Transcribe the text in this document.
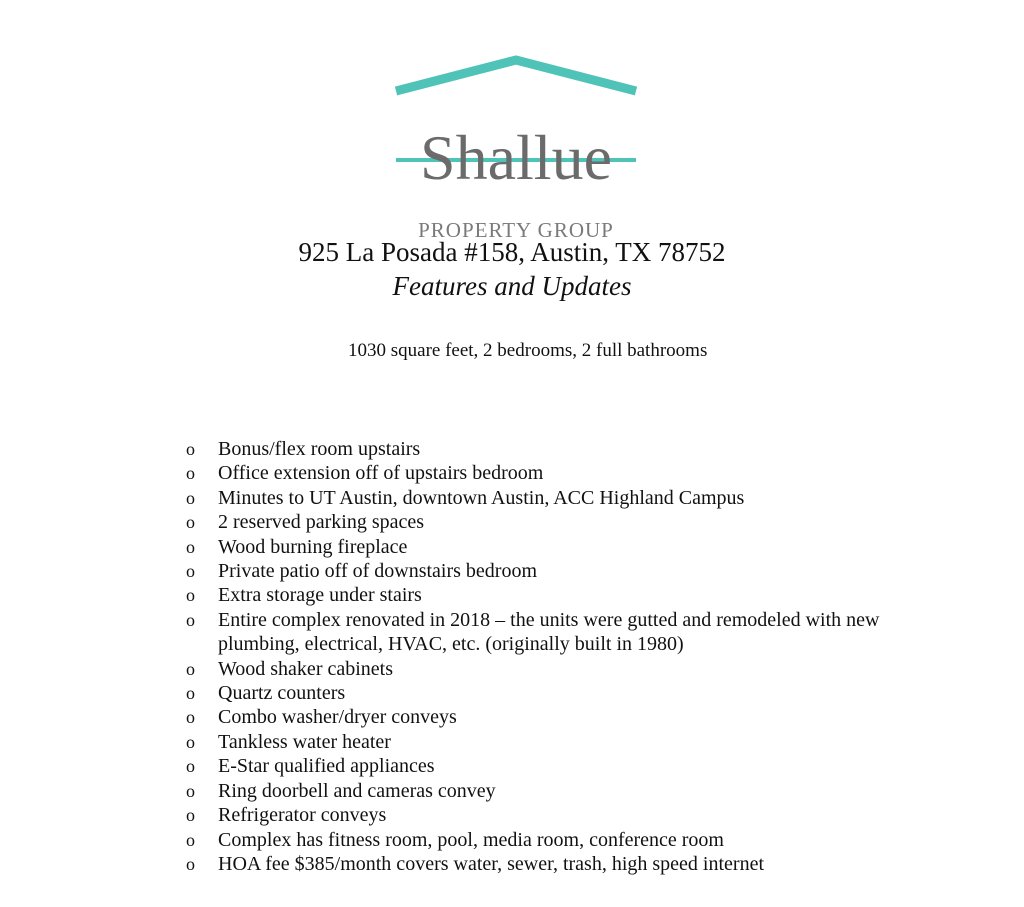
Shallue
PROPERTY GROUP
925 La Posada #158, Austin, TX 78752
Features and Updates
1030 square feet, 2 bedrooms, 2 full bathrooms
o Bonus/flex room upstairs
o Office extension off of upstairs bedroom
o Minutes to UT Austin, downtown Austin, ACC Highland Campus
o 2 reserved parking spaces
o Wood burning fireplace
o Private patio off of downstairs bedroom
o Extra storage under stairs
o Entire complex renovated in 2018 – the units were gutted and remodeled with new plumbing, electrical, HVAC, etc. (originally built in 1980)
o Wood shaker cabinets
o Quartz counters
o Combo washer/dryer conveys
o Tankless water heater
o E-Star qualified appliances
o Ring doorbell and cameras convey
o Refrigerator conveys
o Complex has fitness room, pool, media room, conference room
o HOA fee $385/month covers water, sewer, trash, high speed internet
